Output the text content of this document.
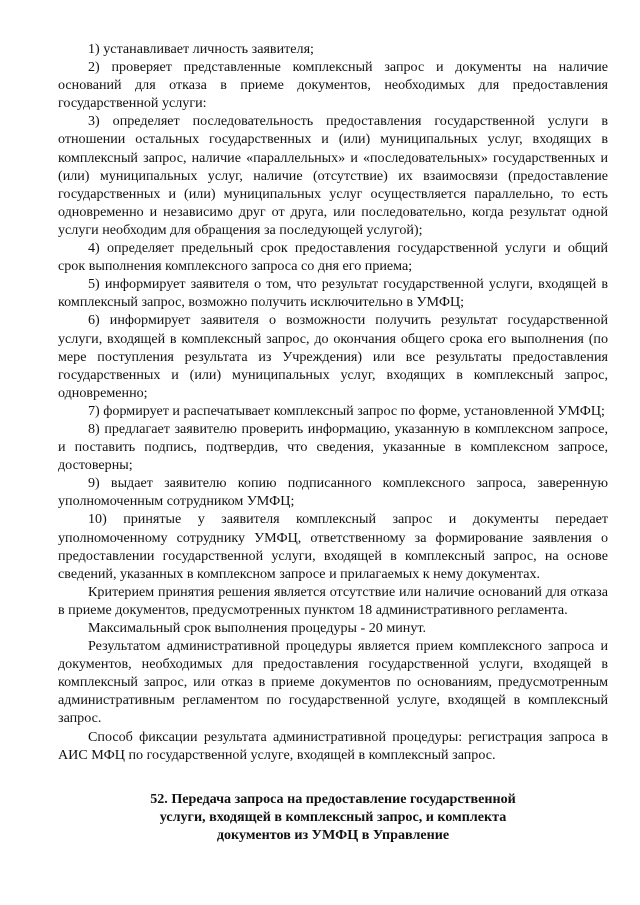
1) устанавливает личность заявителя;

2) проверяет представленные комплексный запрос и документы на наличие оснований для отказа в приеме документов, необходимых для предоставления государственной услуги:

3) определяет последовательность предоставления государственной услуги в отношении остальных государственных и (или) муниципальных услуг, входящих в комплексный запрос, наличие «параллельных» и «последовательных» государственных и (или) муниципальных услуг, наличие (отсутствие) их взаимосвязи (предоставление государственных и (или) муниципальных услуг осуществляется параллельно, то есть одновременно и независимо друг от друга, или последовательно, когда результат одной услуги необходим для обращения за последующей услугой);

4) определяет предельный срок предоставления государственной услуги и общий срок выполнения комплексного запроса со дня его приема;

5) информирует заявителя о том, что результат государственной услуги, входящей в комплексный запрос, возможно получить исключительно в УМФЦ;

6) информирует заявителя о возможности получить результат государственной услуги, входящей в комплексный запрос, до окончания общего срока его выполнения (по мере поступления результата из Учреждения) или все результаты предоставления государственных и (или) муниципальных услуг, входящих в комплексный запрос, одновременно;

7) формирует и распечатывает комплексный запрос по форме, установленной УМФЦ;

8) предлагает заявителю проверить информацию, указанную в комплексном запросе, и поставить подпись, подтвердив, что сведения, указанные в комплексном запросе, достоверны;

9) выдает заявителю копию подписанного комплексного запроса, заверенную уполномоченным сотрудником УМФЦ;

10) принятые у заявителя комплексный запрос и документы передает уполномоченному сотруднику УМФЦ, ответственному за формирование заявления о предоставлении государственной услуги, входящей в комплексный запрос, на основе сведений, указанных в комплексном запросе и прилагаемых к нему документах.

Критерием принятия решения является отсутствие или наличие оснований для отказа в приеме документов, предусмотренных пунктом 18 административного регламента.

Максимальный срок выполнения процедуры - 20 минут.

Результатом административной процедуры является прием комплексного запроса и документов, необходимых для предоставления государственной услуги, входящей в комплексный запрос, или отказ в приеме документов по основаниям, предусмотренным административным регламентом по государственной услуге, входящей в комплексный запрос.

Способ фиксации результата административной процедуры: регистрация запроса в АИС МФЦ по государственной услуге, входящей в комплексный запрос.

52. Передача запроса на предоставление государственной
услуги, входящей в комплексный запрос, и комплекта
документов из УМФЦ в Управление
